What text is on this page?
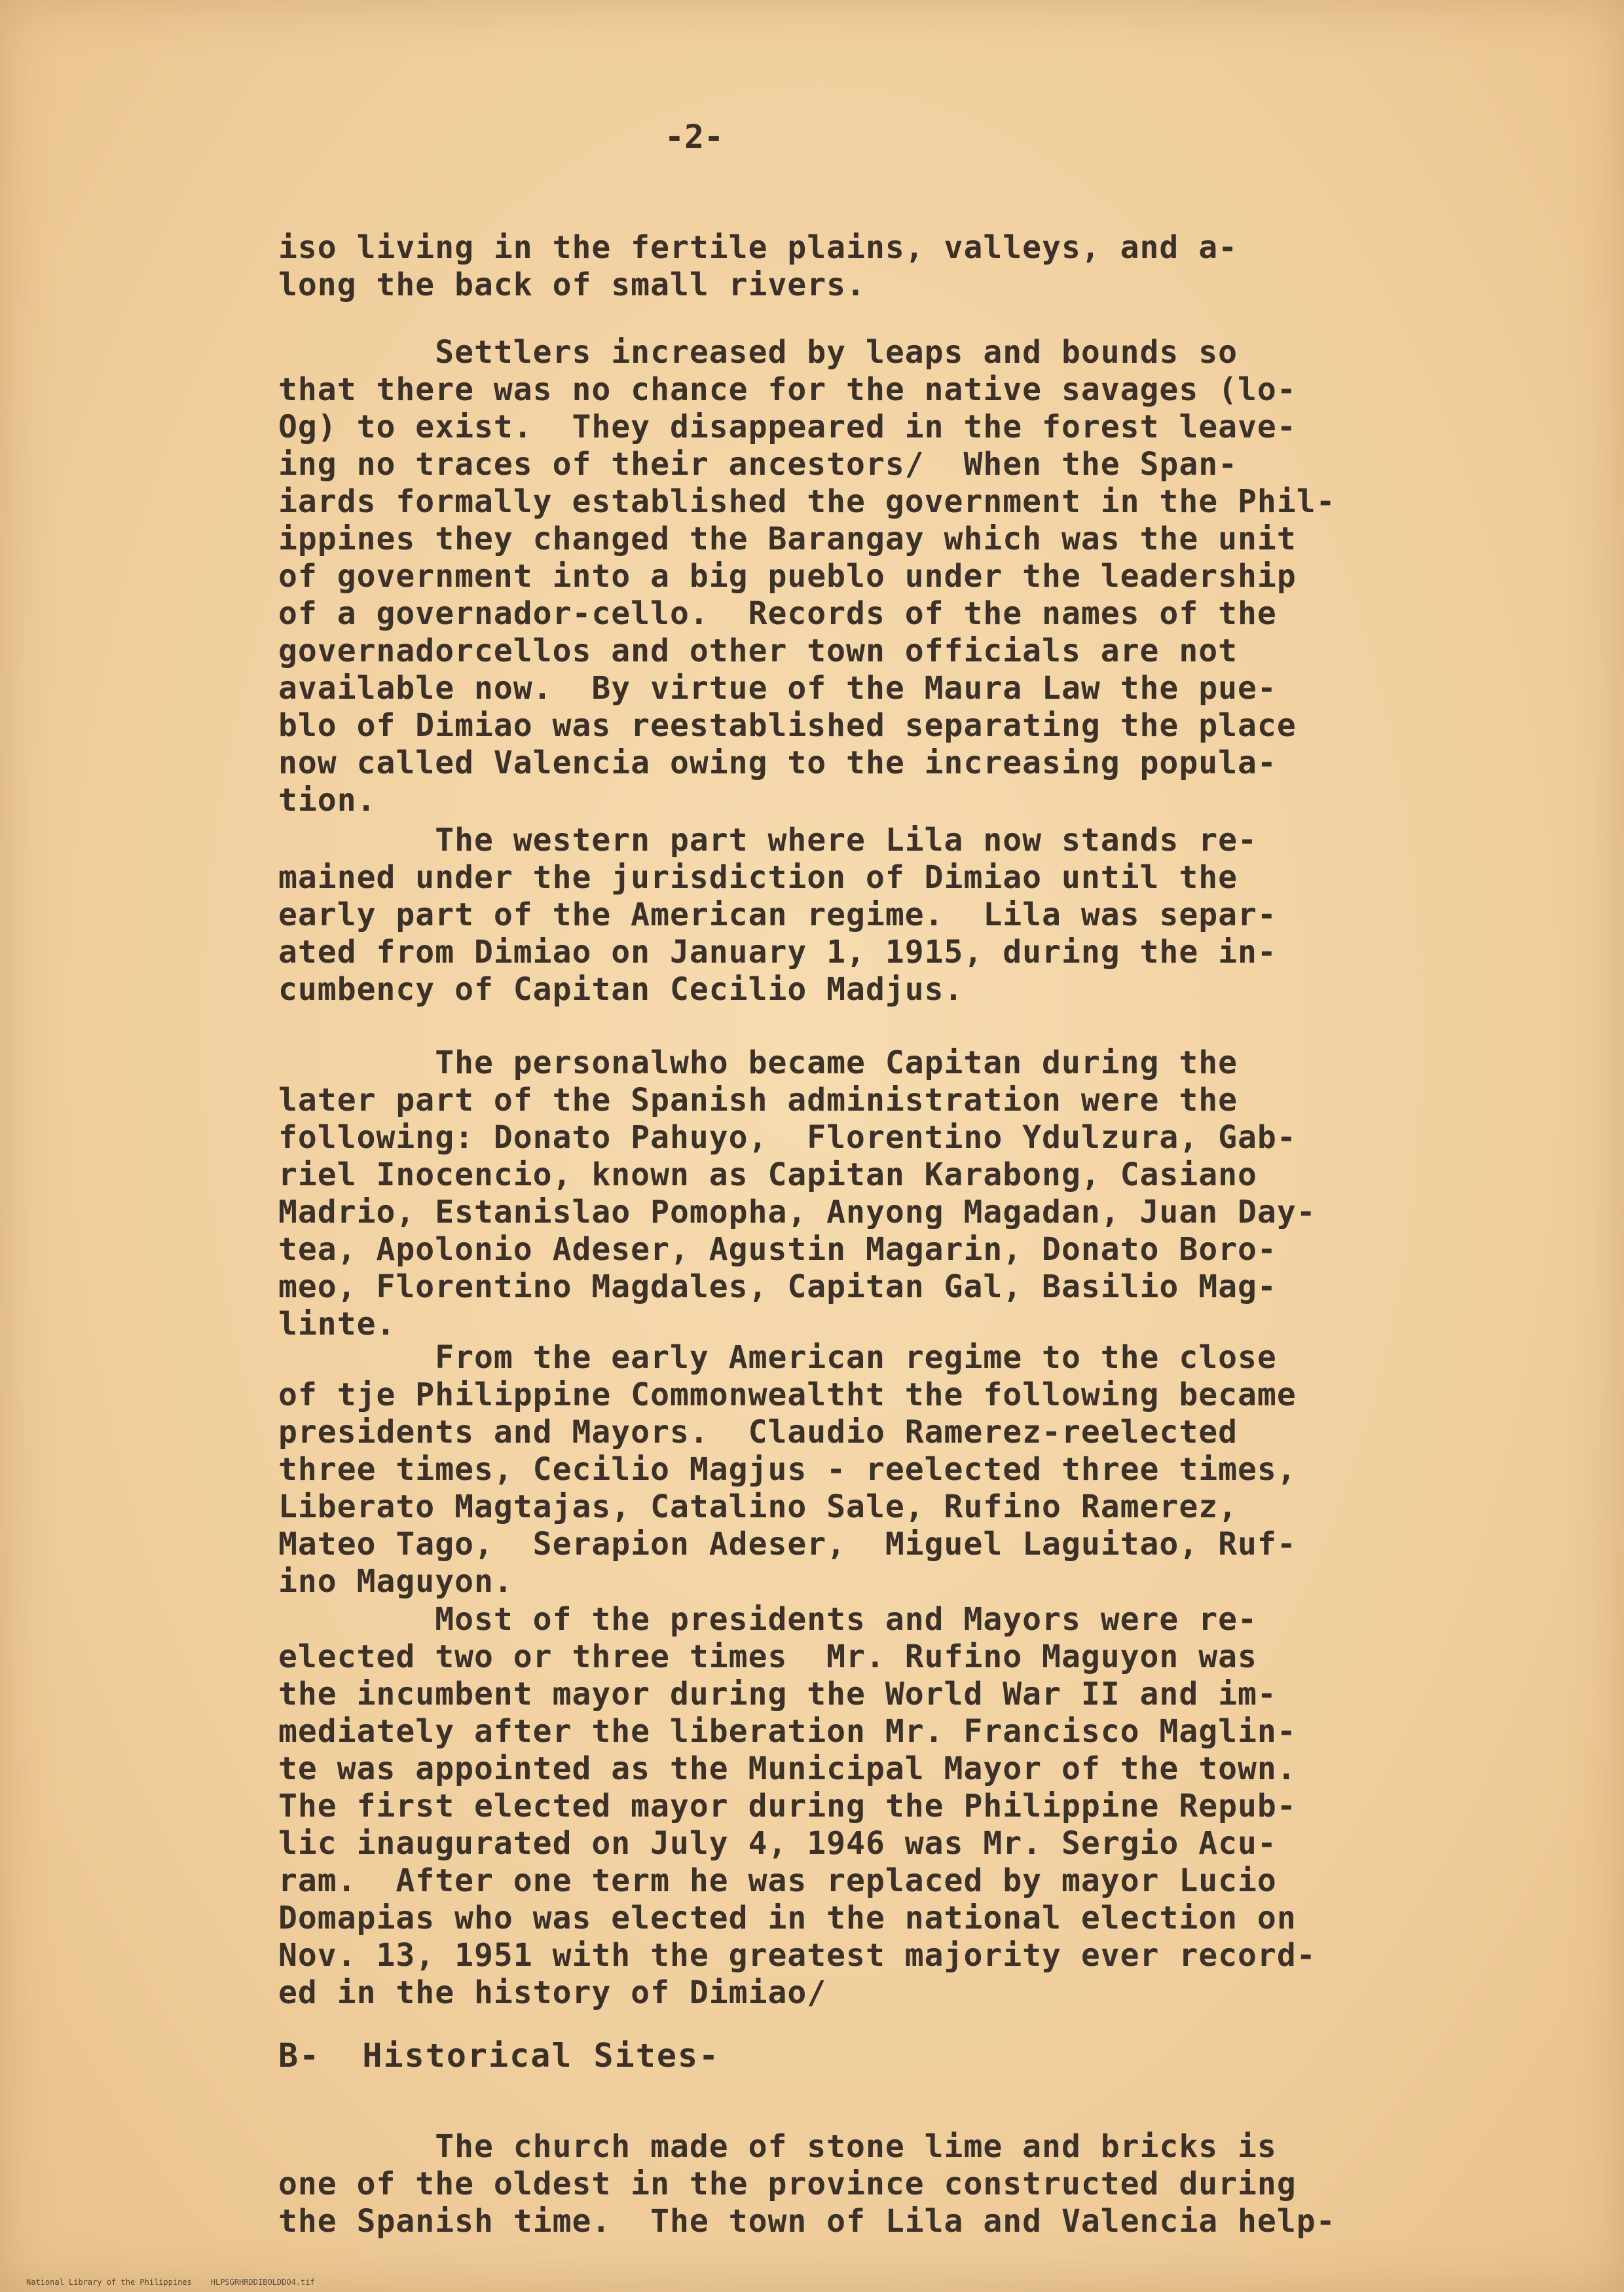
-2-
iso living in the fertile plains, valleys, and a-
long the back of small rivers.
Settlers increased by leaps and bounds so
that there was no chance for the native savages (lo-
Og) to exist.  They disappeared in the forest leave-
ing no traces of their ancestors/  When the Span-
iards formally established the government in the Phil-
ippines they changed the Barangay which was the unit
of government into a big pueblo under the leadership
of a governador-cello.  Records of the names of the
governadorcellos and other town officials are not
available now.  By virtue of the Maura Law the pue-
blo of Dimiao was reestablished separating the place
now called Valencia owing to the increasing popula-
tion.
The western part where Lila now stands re-
mained under the jurisdiction of Dimiao until the
early part of the American regime.  Lila was separ-
ated from Dimiao on January 1, 1915, during the in-
cumbency of Capitan Cecilio Madjus.
The personalwho became Capitan during the
later part of the Spanish administration were the
following: Donato Pahuyo,  Florentino Ydulzura, Gab-
riel Inocencio, known as Capitan Karabong, Casiano
Madrio, Estanislao Pomopha, Anyong Magadan, Juan Day-
tea, Apolonio Adeser, Agustin Magarin, Donato Boro-
meo, Florentino Magdales, Capitan Gal, Basilio Mag-
linte.
From the early American regime to the close
of tje Philippine Commonwealtht the following became
presidents and Mayors.  Claudio Ramerez-reelected
three times, Cecilio Magjus - reelected three times,
Liberato Magtajas, Catalino Sale, Rufino Ramerez,
Mateo Tago,  Serapion Adeser,  Miguel Laguitao, Ruf-
ino Maguyon.
Most of the presidents and Mayors were re-
elected two or three times  Mr. Rufino Maguyon was
the incumbent mayor during the World War II and im-
mediately after the liberation Mr. Francisco Maglin-
te was appointed as the Municipal Mayor of the town.
The first elected mayor during the Philippine Repub-
lic inaugurated on July 4, 1946 was Mr. Sergio Acu-
ram.  After one term he was replaced by mayor Lucio
Domapias who was elected in the national election on
Nov. 13, 1951 with the greatest majority ever record-
ed in the history of Dimiao/
B-  Historical Sites-
The church made of stone lime and bricks is
one of the oldest in the province constructed during
the Spanish time.  The town of Lila and Valencia help-
National Library of the Philippines    HLPSGRHRDDIBOLDDO4.tif
